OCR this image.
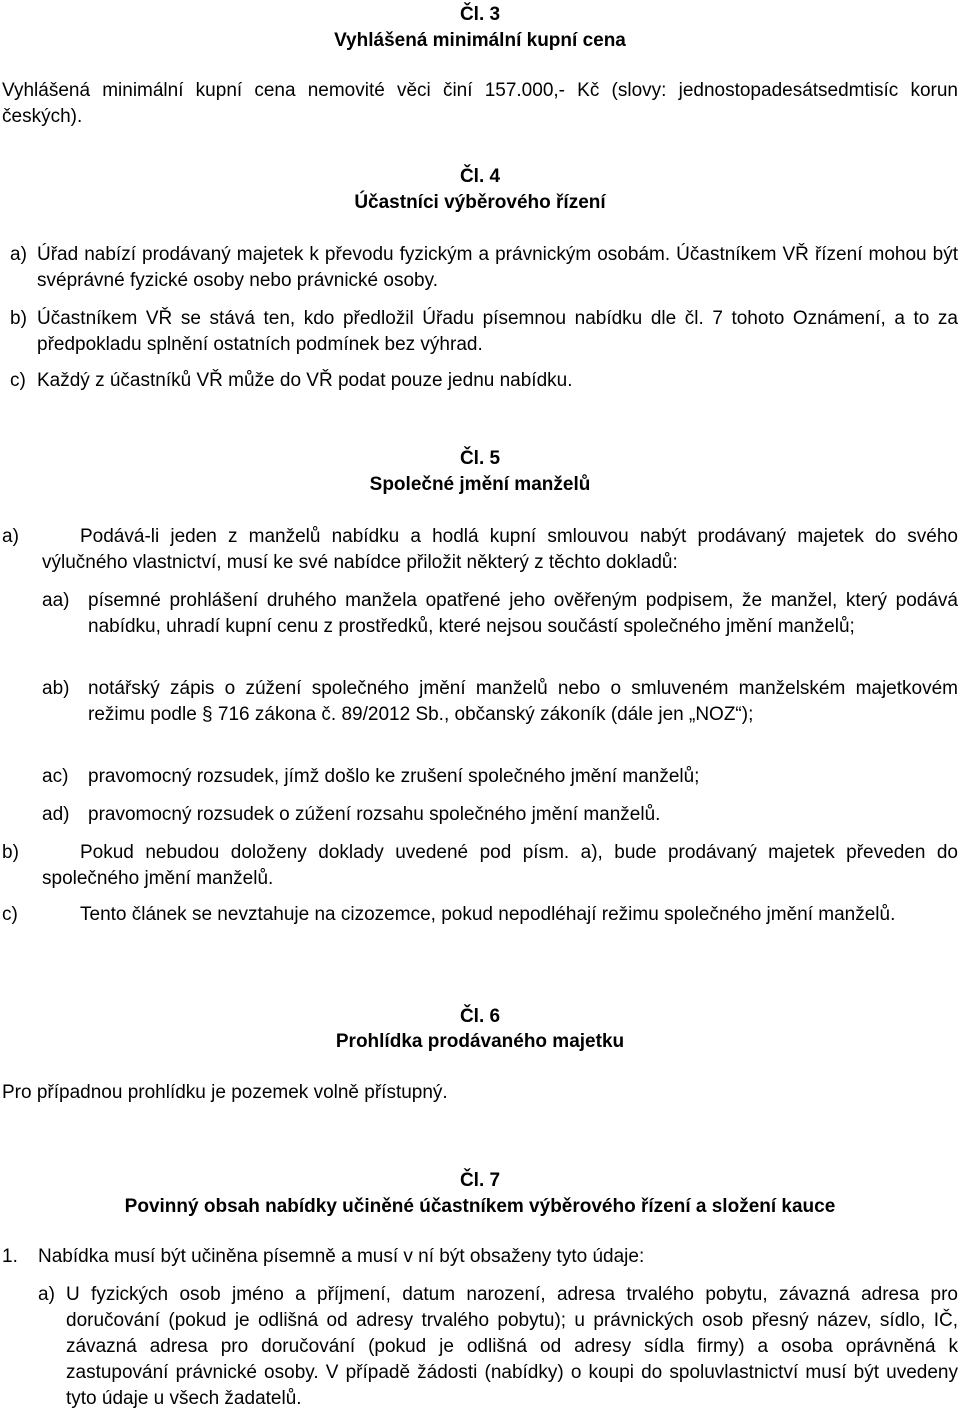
Čl. 3
Vyhlášená minimální kupní cena
Vyhlášená minimální kupní cena nemovité věci činí 157.000,- Kč (slovy: jednostopadesátsedmtisíc korun českých).
Čl. 4
Účastníci výběrového řízení
a) Úřad nabízí prodávaný majetek k převodu fyzickým a právnickým osobám. Účastníkem VŘ řízení mohou být svéprávné fyzické osoby nebo právnické osoby.
b) Účastníkem VŘ se stává ten, kdo předložil Úřadu písemnou nabídku dle čl. 7 tohoto Oznámení, a to za předpokladu splnění ostatních podmínek bez výhrad.
c) Každý z účastníků VŘ může do VŘ podat pouze jednu nabídku.
Čl. 5
Společné jmění manželů
a)	Podává-li jeden z manželů nabídku a hodlá kupní smlouvou nabýt prodávaný majetek do svého výlučného vlastnictví, musí ke své nabídce přiložit některý z těchto dokladů:
aa) písemné prohlášení druhého manžela opatřené jeho ověřeným podpisem, že manžel, který podává nabídku, uhradí kupní cenu z prostředků, které nejsou součástí společného jmění manželů;
ab) notářský zápis o zúžení společného jmění manželů nebo o smluveném manželském majetkovém režimu podle § 716 zákona č. 89/2012 Sb., občanský zákoník (dále jen „NOZ“);
ac) pravomocný rozsudek, jímž došlo ke zrušení společného jmění manželů;
ad) pravomocný rozsudek o zúžení rozsahu společného jmění manželů.
b)	Pokud nebudou doloženy doklady uvedené pod písm. a), bude prodávaný majetek převeden do společného jmění manželů.
c)	Tento článek se nevztahuje na cizozemce, pokud nepodléhají režimu společného jmění manželů.
Čl. 6
Prohlídka prodávaného majetku
Pro případnou prohlídku je pozemek volně přístupný.
Čl. 7
Povinný obsah nabídky učiněné účastníkem výběrového řízení a složení kauce
1. Nabídka musí být učiněna písemně a musí v ní být obsaženy tyto údaje:
a) U fyzických osob jméno a příjmení, datum narození, adresa trvalého pobytu, závazná adresa pro doručování (pokud je odlišná od adresy trvalého pobytu); u právnických osob přesný název, sídlo, IČ, závazná adresa pro doručování (pokud je odlišná od adresy sídla firmy) a osoba oprávněná k zastupování právnické osoby. V případě žádosti (nabídky) o koupi do spoluvlastnictví musí být uvedeny tyto údaje u všech žadatelů.
